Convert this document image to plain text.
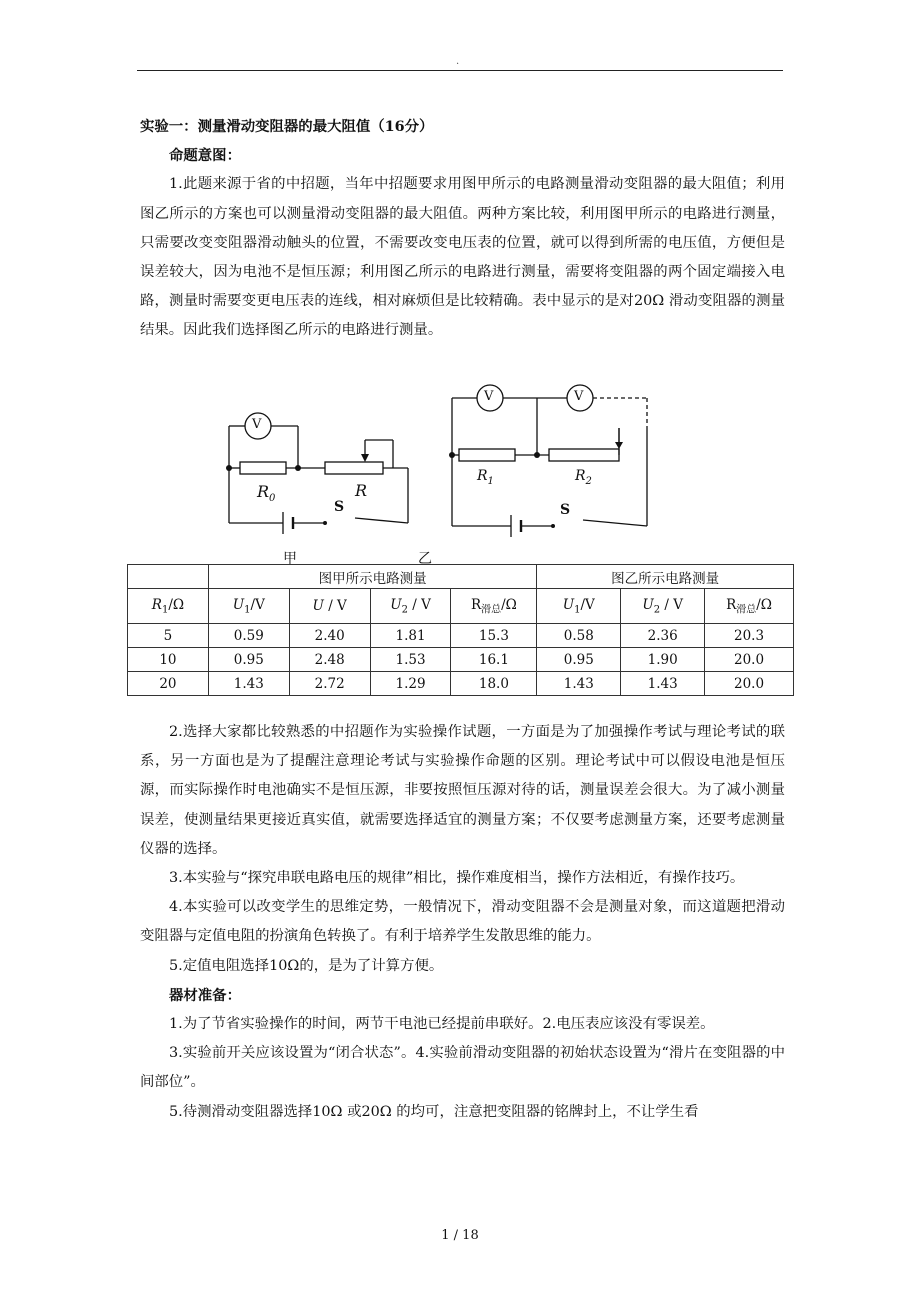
.

实验一：测量滑动变阻器的最大阻值（16分）

命题意图：

1.此题来源于省的中招题，当年中招题要求用图甲所示的电路测量滑动变阻器的最大阻值；利用图乙所示的方案也可以测量滑动变阻器的最大阻值。两种方案比较，利用图甲所示的电路进行测量，只需要改变变阻器滑动触头的位置，不需要改变电压表的位置，就可以得到所需的电压值，方便但是误差较大，因为电池不是恒压源；利用图乙所示的电路进行测量，需要将变阻器的两个固定端接入电路，测量时需要变更电压表的连线，相对麻烦但是比较精确。表中显示的是对20Ω 滑动变阻器的测量结果。因此我们选择图乙所示的电路进行测量。

V
$R_0$	R
S
V	V
$R_1$	$R_2$
S
甲	乙
	图甲所示电路测量				图乙所示电路测量		
$R_1/\Omega$	$U_1/V$	U / V	$U_2$ / V	$R_{滑总}/\Omega$	$U_1/V$	$U_2$ / V	$R_{滑总}/\Omega$
5	0.59	2.40	1.81	15.3	0.58	2.36	20.3
10	0.95	2.48	1.53	16.1	0.95	1.90	20.0
20	1.43	2.72	1.29	18.0	1.43	1.43	20.0

2.选择大家都比较熟悉的中招题作为实验操作试题，一方面是为了加强操作考试与理论考试的联系，另一方面也是为了提醒注意理论考试与实验操作命题的区别。理论考试中可以假设电池是恒压源，而实际操作时电池确实不是恒压源，非要按照恒压源对待的话，测量误差会很大。为了减小测量误差，使测量结果更接近真实值，就需要选择适宜的测量方案；不仅要考虑测量方案，还要考虑测量仪器的选择。

3.本实验与“探究串联电路电压的规律”相比，操作难度相当，操作方法相近，有操作技巧。

4.本实验可以改变学生的思维定势，一般情况下，滑动变阻器不会是测量对象，而这道题把滑动变阻器与定值电阻的扮演角色转换了。有利于培养学生发散思维的能力。

5.定值电阻选择10Ω的，是为了计算方便。

器材准备：

1.为了节省实验操作的时间，两节干电池已经提前串联好。2.电压表应该没有零误差。

3.实验前开关应该设置为“闭合状态”。4.实验前滑动变阻器的初始状态设置为“滑片在变阻器的中间部位”。

5.待测滑动变阻器选择10Ω 或20Ω 的均可，注意把变阻器的铭牌封上，不让学生看

1 / 18
